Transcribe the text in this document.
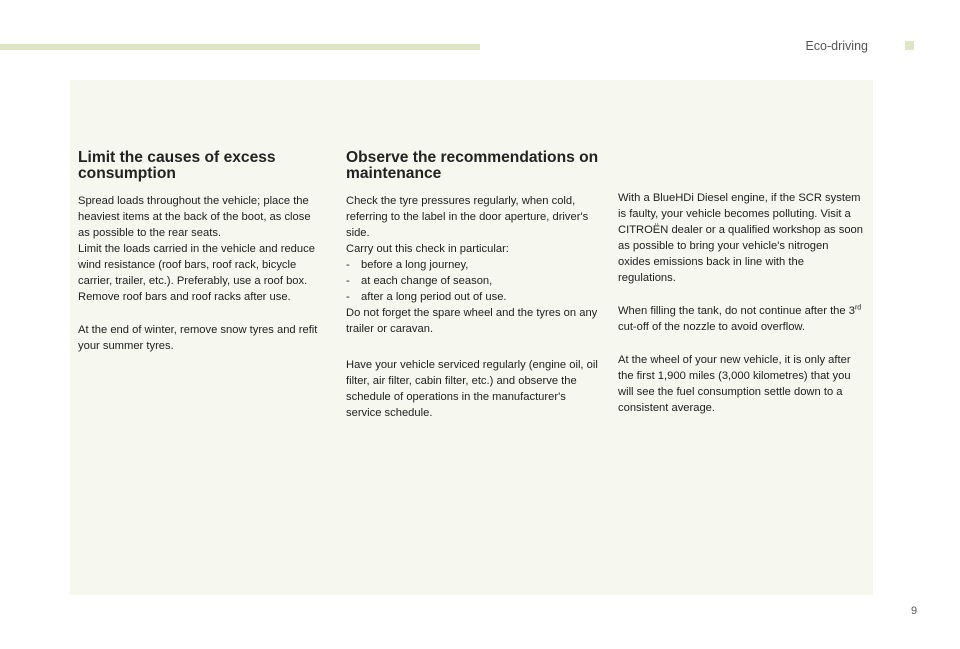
Eco-driving
Limit the causes of excess consumption

Spread loads throughout the vehicle; place the heaviest items at the back of the boot, as close as possible to the rear seats.

Limit the loads carried in the vehicle and reduce wind resistance (roof bars, roof rack, bicycle carrier, trailer, etc.). Preferably, use a roof box.

Remove roof bars and roof racks after use.

At the end of winter, remove snow tyres and refit your summer tyres.

Observe the recommendations on maintenance

Check the tyre pressures regularly, when cold, referring to the label in the door aperture, driver's side.

Carry out this check in particular:

- before a long journey,
- at each change of season,
- after a long period out of use.

Do not forget the spare wheel and the tyres on any trailer or caravan.

Have your vehicle serviced regularly (engine oil, oil filter, air filter, cabin filter, etc.) and observe the schedule of operations in the manufacturer's service schedule.

With a BlueHDi Diesel engine, if the SCR system is faulty, your vehicle becomes polluting. Visit a CITROËN dealer or a qualified workshop as soon as possible to bring your vehicle's nitrogen oxides emissions back in line with the regulations.

When filling the tank, do not continue after the 3rd cut-off of the nozzle to avoid overflow.

At the wheel of your new vehicle, it is only after the first 1,900 miles (3,000 kilometres) that you will see the fuel consumption settle down to a consistent average.

9
